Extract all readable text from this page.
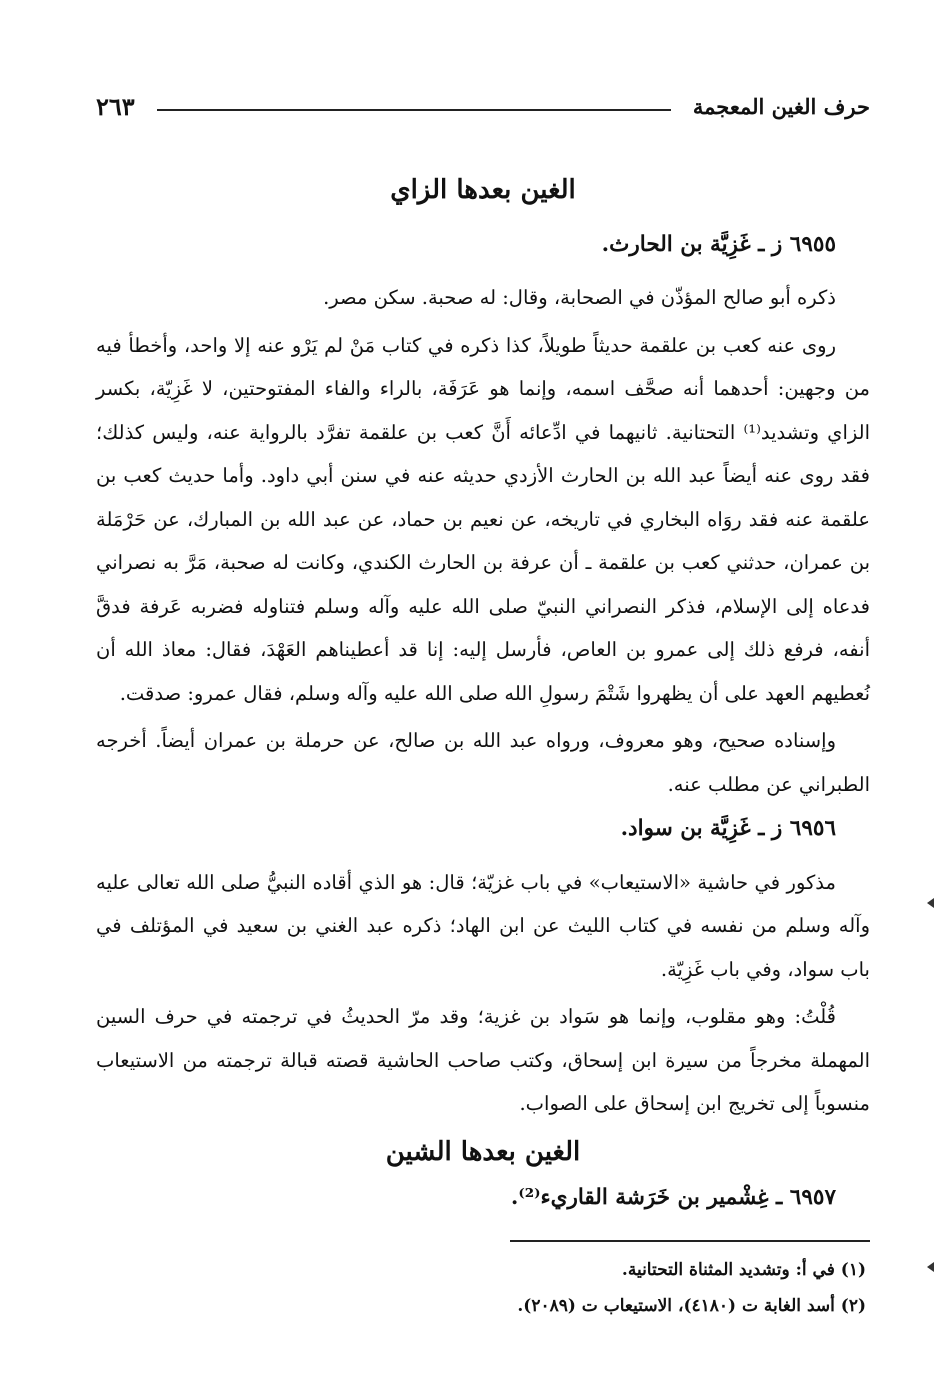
حرف الغين المعجمة
٢٦٣
الغين بعدها الزاي
٦٩٥٥ ز ـ غَزِيَّة بن الحارث.

ذكره أبو صالح المؤذّن في الصحابة، وقال: له صحبة. سكن مصر.

روى عنه كعب بن علقمة حديثاً طويلاً، كذا ذكره في كتاب مَنْ لم يَرْو عنه إلا واحد، وأخطأ فيه من وجهين: أحدهما أنه صحَّف اسمه، وإنما هو عَرَفَة، بالراء والفاء المفتوحتين، لا غَزِيّة، بكسر الزاي وتشديد⁽¹⁾ التحتانية. ثانيهما في ادِّعائه أَنَّ كعب بن علقمة تفرَّد بالرواية عنه، وليس كذلك؛ فقد روى عنه أيضاً عبد الله بن الحارث الأزدي حديثه عنه في سنن أبي داود. وأما حديث كعب بن علقمة عنه فقد روَاه البخاري في تاريخه، عن نعيم بن حماد، عن عبد الله بن المبارك، عن حَرْمَلة بن عمران، حدثني كعب بن علقمة ـ أن عرفة بن الحارث الكندي، وكانت له صحبة، مَرَّ به نصراني فدعاه إلى الإسلام، فذكر النصراني النبيّ صلى الله عليه وآله وسلم فتناوله فضربه عَرفة فدقَّ أنفه، فرفع ذلك إلى عمرو بن العاص، فأرسل إليه: إنا قد أعطيناهم العَهْدَ، فقال: معاذ الله أن نُعطيهم العهد على أن يظهروا شَتْمَ رسولِ الله صلى الله عليه وآله وسلم، فقال عمرو: صدقت.

وإسناده صحيح، وهو معروف، ورواه عبد الله بن صالح، عن حرملة بن عمران أيضاً. أخرجه الطبراني عن مطلب عنه.

٦٩٥٦ ز ـ غَزِيَّة بن سواد.

مذكور في حاشية «الاستيعاب» في باب غزيّة؛ قال: هو الذي أقاده النبيُّ صلى الله تعالى عليه وآله وسلم من نفسه في كتاب الليث عن ابن الهاد؛ ذكره عبد الغني بن سعيد في المؤتلف في باب سواد، وفي باب غَزِيّة.

قُلْتُ: وهو مقلوب، وإنما هو سَواد بن غزية؛ وقد مرّ الحديثُ في ترجمته في حرف السين المهملة مخرجاً من سيرة ابن إسحاق، وكتب صاحب الحاشية قصته قبالة ترجمته من الاستيعاب منسوباً إلى تخريج ابن إسحاق على الصواب.

الغين بعدها الشين
٦٩٥٧ ـ غِشْمير بن خَرَشة القاريء⁽²⁾.
(١) في أ: وتشديد المثناة التحتانية.
(٢) أسد الغابة ت (٤١٨٠)، الاستيعاب ت (٢٠٨٩).
